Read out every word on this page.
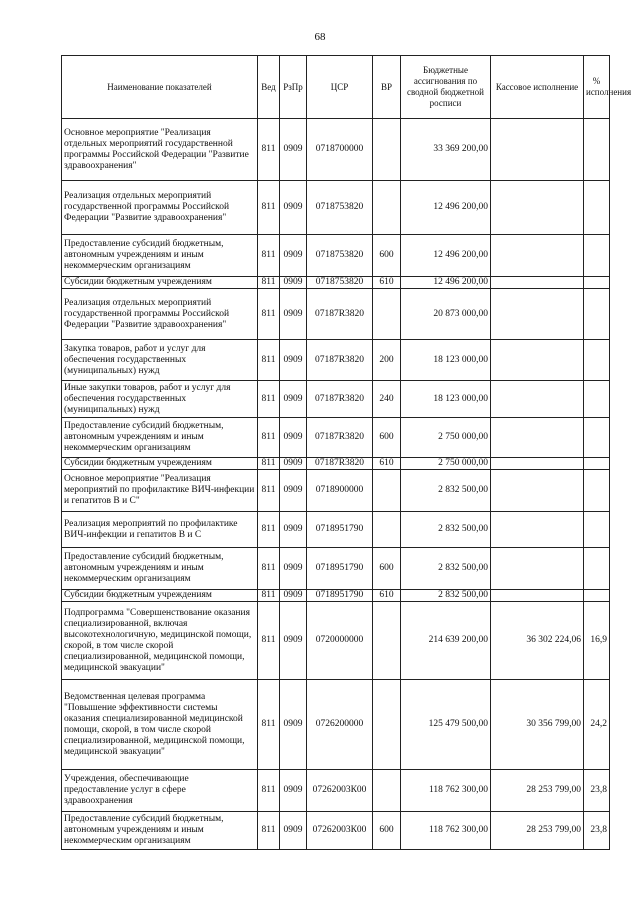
68
Наименование показателей	Вед	РзПр	ЦСР	ВР	Бюджетные ассигнования по сводной бюджетной росписи	Кассовое исполнение	% исполнения
Основное мероприятие "Реализация отдельных мероприятий государственной программы Российской Федерации "Развитие здравоохранения"	811	0909	0718700000		33 369 200,00		
Реализация отдельных мероприятий государственной программы Российской Федерации "Развитие здравоохранения"	811	0909	0718753820		12 496 200,00		
Предоставление субсидий бюджетным, автономным учреждениям и иным некоммерческим организациям	811	0909	0718753820	600	12 496 200,00		
Субсидии бюджетным учреждениям	811	0909	0718753820	610	12 496 200,00		
Реализация отдельных мероприятий государственной программы Российской Федерации "Развитие здравоохранения"	811	0909	07187R3820		20 873 000,00		
Закупка товаров, работ и услуг для обеспечения государственных (муниципальных) нужд	811	0909	07187R3820	200	18 123 000,00		
Иные закупки товаров, работ и услуг для обеспечения государственных (муниципальных) нужд	811	0909	07187R3820	240	18 123 000,00		
Предоставление субсидий бюджетным, автономным учреждениям и иным некоммерческим организациям	811	0909	07187R3820	600	2 750 000,00		
Субсидии бюджетным учреждениям	811	0909	07187R3820	610	2 750 000,00		
Основное мероприятие "Реализация мероприятий по профилактике ВИЧ-инфекции и гепатитов В и С"	811	0909	0718900000		2 832 500,00		
Реализация мероприятий по профилактике ВИЧ-инфекции и гепатитов В и С	811	0909	0718951790		2 832 500,00		
Предоставление субсидий бюджетным, автономным учреждениям и иным некоммерческим организациям	811	0909	0718951790	600	2 832 500,00		
Субсидии бюджетным учреждениям	811	0909	0718951790	610	2 832 500,00		
Подпрограмма "Совершенствование оказания специализированной, включая высокотехнологичную, медицинской помощи, скорой, в том числе скорой специализированной, медицинской помощи, медицинской эвакуации"	811	0909	0720000000		214 639 200,00	36 302 224,06	16,9
Ведомственная целевая программа "Повышение эффективности системы оказания специализированной медицинской помощи, скорой, в том числе скорой специализированной, медицинской помощи, медицинской эвакуации"	811	0909	0726200000		125 479 500,00	30 356 799,00	24,2
Учреждения, обеспечивающие предоставление услуг в сфере здравоохранения	811	0909	07262003К00		118 762 300,00	28 253 799,00	23,8
Предоставление субсидий бюджетным, автономным учреждениям и иным некоммерческим организациям	811	0909	07262003К00	600	118 762 300,00	28 253 799,00	23,8
